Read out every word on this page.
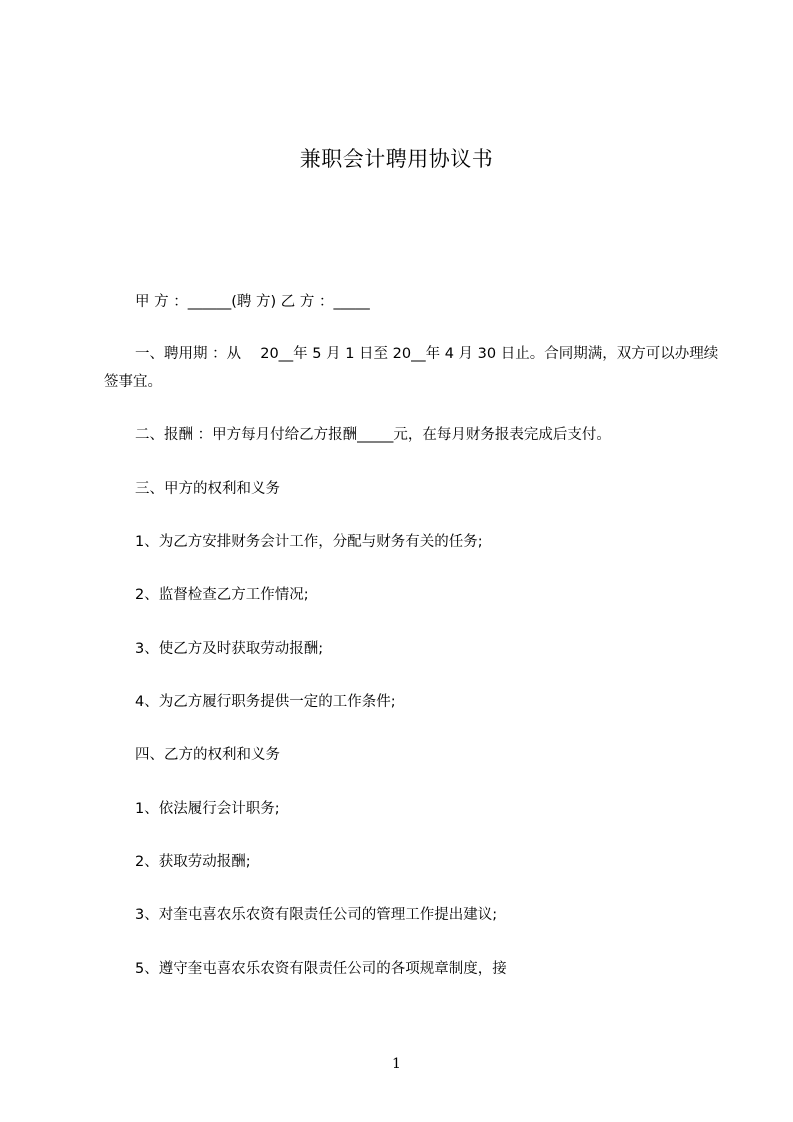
兼职会计聘用协议书
甲 方 ：______(聘 方) 乙 方 ：_____
一、聘用期 ：从　 20__年 5 月 1 日至 20__年 4 月 30 日止。合同期满，双方可以办理续签事宜。
二、报酬 ：甲方每月付给乙方报酬_____元，在每月财务报表完成后支付。
三、甲方的权利和义务
1、为乙方安排财务会计工作，分配与财务有关的任务;
2、监督检查乙方工作情况;
3、使乙方及时获取劳动报酬;
4、为乙方履行职务提供一定的工作条件;
四、乙方的权利和义务
1、依法履行会计职务;
2、获取劳动报酬;
3、对奎屯喜农乐农资有限责任公司的管理工作提出建议;
5、遵守奎屯喜农乐农资有限责任公司的各项规章制度，接
1
